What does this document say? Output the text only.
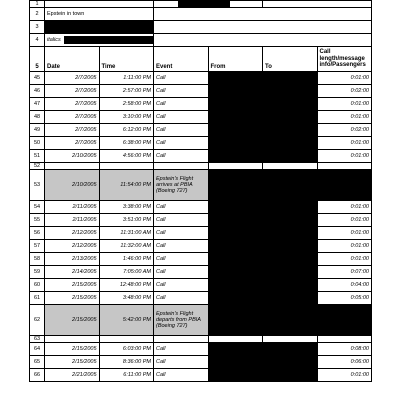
1					

2	Epstein in town					
3						
4	italics					

5	Date	Time	Event	From	To	Call length/message info/Passengers
45	2/7/2005	1:11:00 PM	Call			0:01:00
46	2/7/2005	2:57:00 PM	Call			0:02:00
47	2/7/2005	2:58:00 PM	Call			0:01:00
48	2/7/2005	3:10:00 PM	Call			0:01:00
49	2/7/2005	6:12:00 PM	Call			0:02:00
50	2/7/2005	6:38:00 PM	Call			0:01:00
51	2/10/2005	4:56:00 PM	Call			0:01:00
52						
53	2/10/2005	11:54:00 PM	Epstein's Flight arrives at PBIA (Boeing 727)			
54	2/11/2005	3:38:00 PM	Call			0:01:00
55	2/11/2005	3:51:00 PM	Call			0:01:00
56	2/12/2005	11:31:00 AM	Call			0:01:00
57	2/12/2005	11:32:00 AM	Call			0:01:00
58	2/13/2005	1:46:00 PM	Call			0:01:00
59	2/14/2005	7:05:00 AM	Call			0:07:00
60	2/15/2005	12:48:00 PM	Call			0:04:00
61	2/15/2005	3:48:00 PM	Call			0:05:00
62	2/15/2005	5:42:00 PM	Epstein's Flight departs from PBIA (Boeing 727)			
63						
64	2/15/2005	6:03:00 PM	Call			0:08:00
65	2/15/2005	8:36:00 PM	Call			0:06:00
66	2/21/2005	6:11:00 PM	Call			0:01:00
